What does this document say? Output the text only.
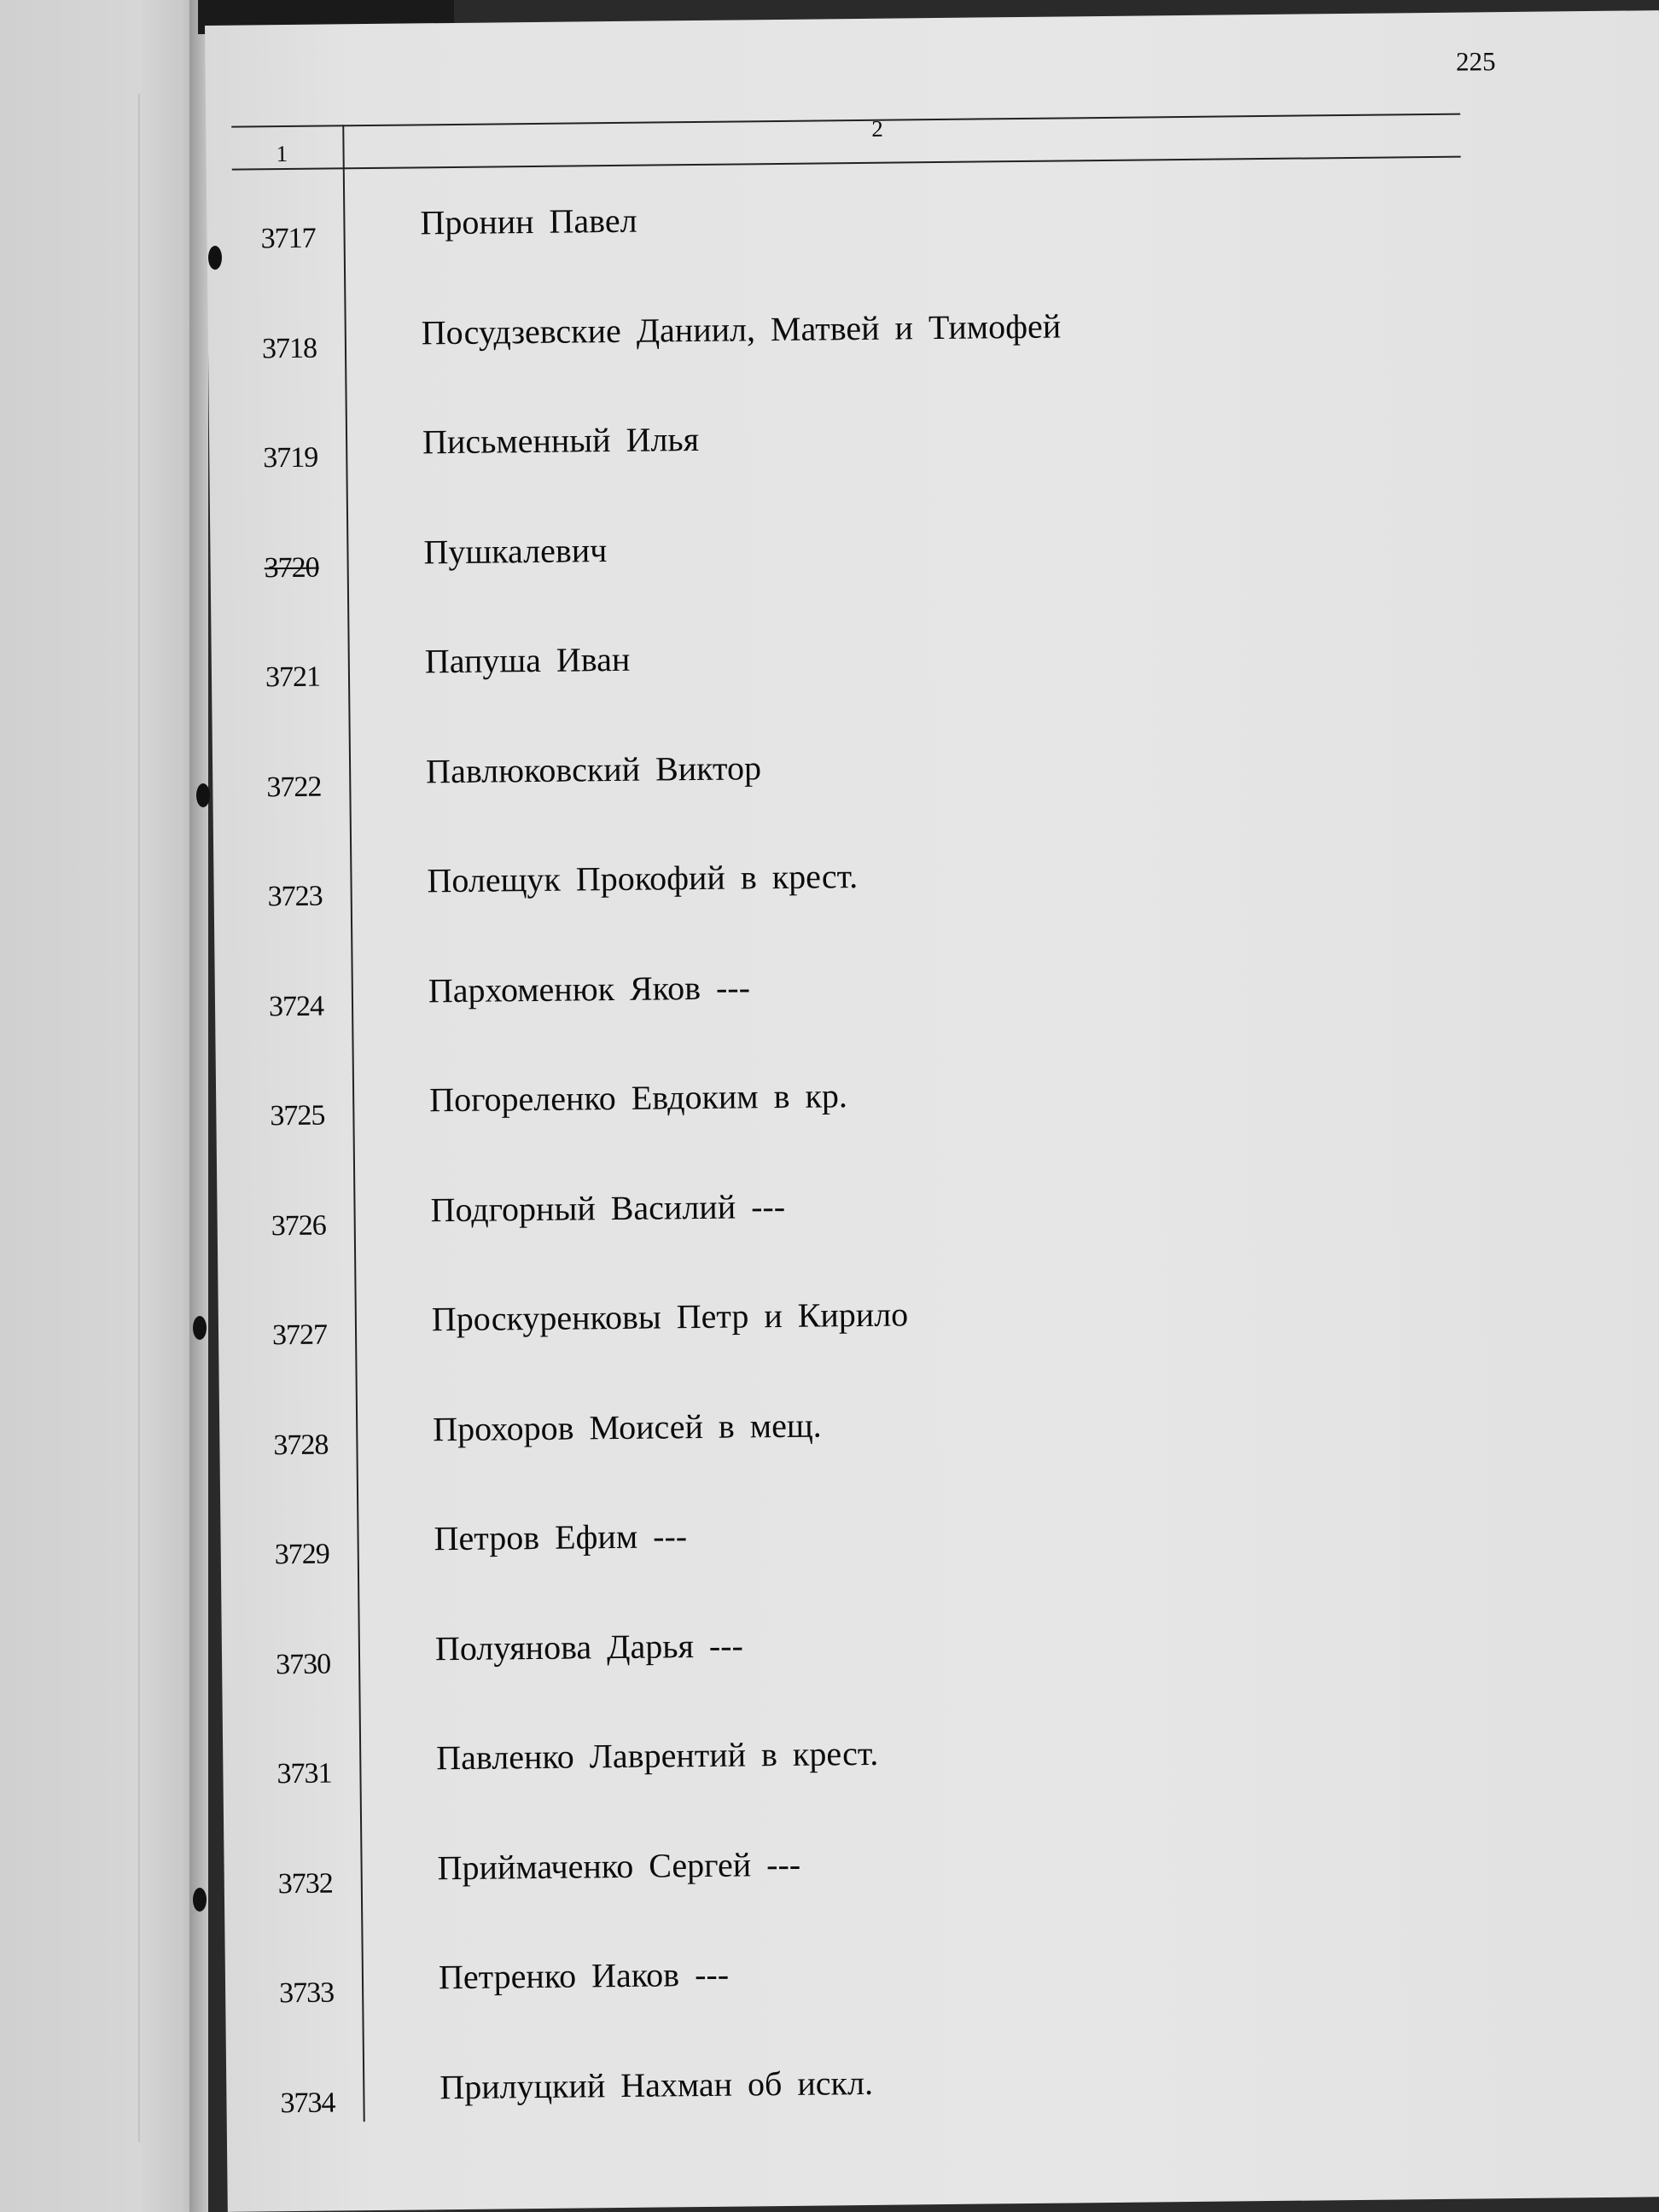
225
1
2
3717	Пронин Павел
3718	Посудзевские Даниил, Матвей и Тимофей
3719	Письменный Илья
3720	Пушкалевич
3721	Папуша Иван
3722	Павлюковский Виктор
3723	Полещук Прокофий в крест.
3724	Пархоменюк Яков ---
3725	Погореленко Евдоким в кр.
3726	Подгорный Василий ---
3727	Проскуренковы Петр и Кирило
3728	Прохоров Моисей в мещ.
3729	Петров Ефим ---
3730	Полуянова Дарья ---
3731	Павленко Лаврентий в крест.
3732	Приймаченко Сергей ---
3733	Петренко Иаков ---
3734	Прилуцкий Нахман об искл.
